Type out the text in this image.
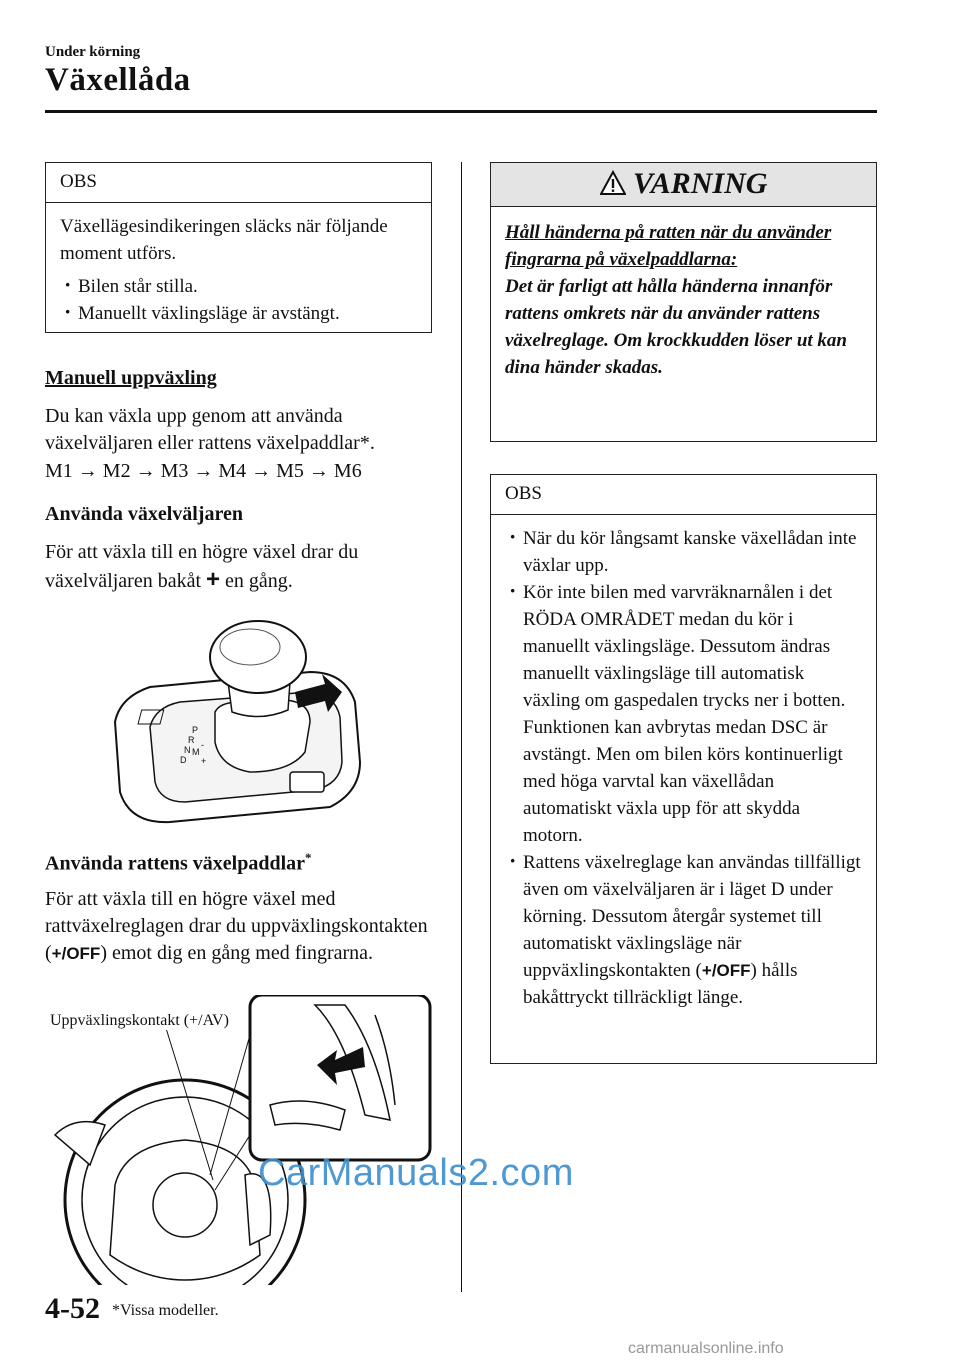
Under körning
Växellåda
OBS
Växellägesindikeringen släcks när följande moment utförs.
· Bilen står stilla.
· Manuellt växlingsläge är avstängt.
Manuell uppväxling
Du kan växla upp genom att använda växelväljaren eller rattens växelpaddlar*.
M1 → M2 → M3 → M4 → M5 → M6
Använda växelväljaren
För att växla till en högre växel drar du växelväljaren bakåt + en gång.
P
R
N
D
M
-
+
Använda rattens växelpaddlar*
För att växla till en högre växel med rattväxelreglagen drar du uppväxlingskontakten (+/OFF) emot dig en gång med fingrarna.
Uppväxlingskontakt (+/AV)
CarManuals2.com
VARNING
Håll händerna på ratten när du använder fingrarna på växelpaddlarna:
Det är farligt att hålla händerna innanför rattens omkrets när du använder rattens växelreglage. Om krockkudden löser ut kan dina händer skadas.
OBS
· När du kör långsamt kanske växellådan inte växlar upp.
· Kör inte bilen med varvräknarnålen i det RÖDA OMRÅDET medan du kör i manuellt växlingsläge. Dessutom ändras manuellt växlingsläge till automatisk växling om gaspedalen trycks ner i botten. Funktionen kan avbrytas medan DSC är avstängt. Men om bilen körs kontinuerligt med höga varvtal kan växellådan automatiskt växla upp för att skydda motorn.
· Rattens växelreglage kan användas tillfälligt även om växelväljaren är i läget D under körning. Dessutom återgår systemet till automatiskt växlingsläge när uppväxlingskontakten (+/OFF) hålls bakåttryckt tillräckligt länge.
4-52 *Vissa modeller.
carmanualsonline.info
